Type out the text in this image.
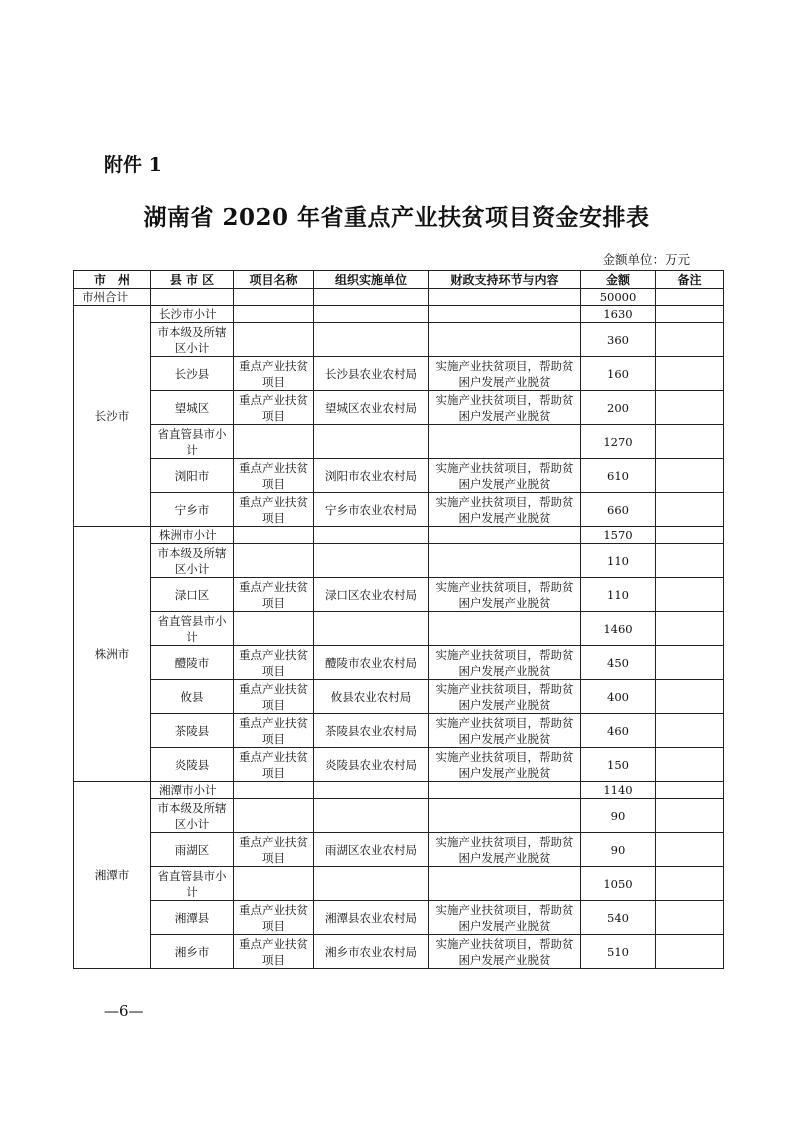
附件 1
湖南省 2020 年省重点产业扶贫项目资金安排表
金额单位：万元
市　州	县 市 区	项目名称	组织实施单位	财政支持环节与内容	金额	备注
市州合计					50000	
长沙市	长沙市小计				1630	
	市本级及所辖区小计				360	
	长沙县	重点产业扶贫项目	长沙县农业农村局	实施产业扶贫项目，帮助贫困户发展产业脱贫	160	
	望城区	重点产业扶贫项目	望城区农业农村局	实施产业扶贫项目，帮助贫困户发展产业脱贫	200	
	省直管县市小计				1270	
	浏阳市	重点产业扶贫项目	浏阳市农业农村局	实施产业扶贫项目，帮助贫困户发展产业脱贫	610	
	宁乡市	重点产业扶贫项目	宁乡市农业农村局	实施产业扶贫项目，帮助贫困户发展产业脱贫	660	
株洲市	株洲市小计				1570	
	市本级及所辖区小计				110	
	渌口区	重点产业扶贫项目	渌口区农业农村局	实施产业扶贫项目，帮助贫困户发展产业脱贫	110	
	省直管县市小计				1460	
	醴陵市	重点产业扶贫项目	醴陵市农业农村局	实施产业扶贫项目，帮助贫困户发展产业脱贫	450	
	攸县	重点产业扶贫项目	攸县农业农村局	实施产业扶贫项目，帮助贫困户发展产业脱贫	400	
	茶陵县	重点产业扶贫项目	茶陵县农业农村局	实施产业扶贫项目，帮助贫困户发展产业脱贫	460	
	炎陵县	重点产业扶贫项目	炎陵县农业农村局	实施产业扶贫项目，帮助贫困户发展产业脱贫	150	
湘潭市	湘潭市小计				1140	
	市本级及所辖区小计				90	
	雨湖区	重点产业扶贫项目	雨湖区农业农村局	实施产业扶贫项目，帮助贫困户发展产业脱贫	90	
	省直管县市小计				1050	
	湘潭县	重点产业扶贫项目	湘潭县农业农村局	实施产业扶贫项目，帮助贫困户发展产业脱贫	540	
	湘乡市	重点产业扶贫项目	湘乡市农业农村局	实施产业扶贫项目，帮助贫困户发展产业脱贫	510	
—6—
